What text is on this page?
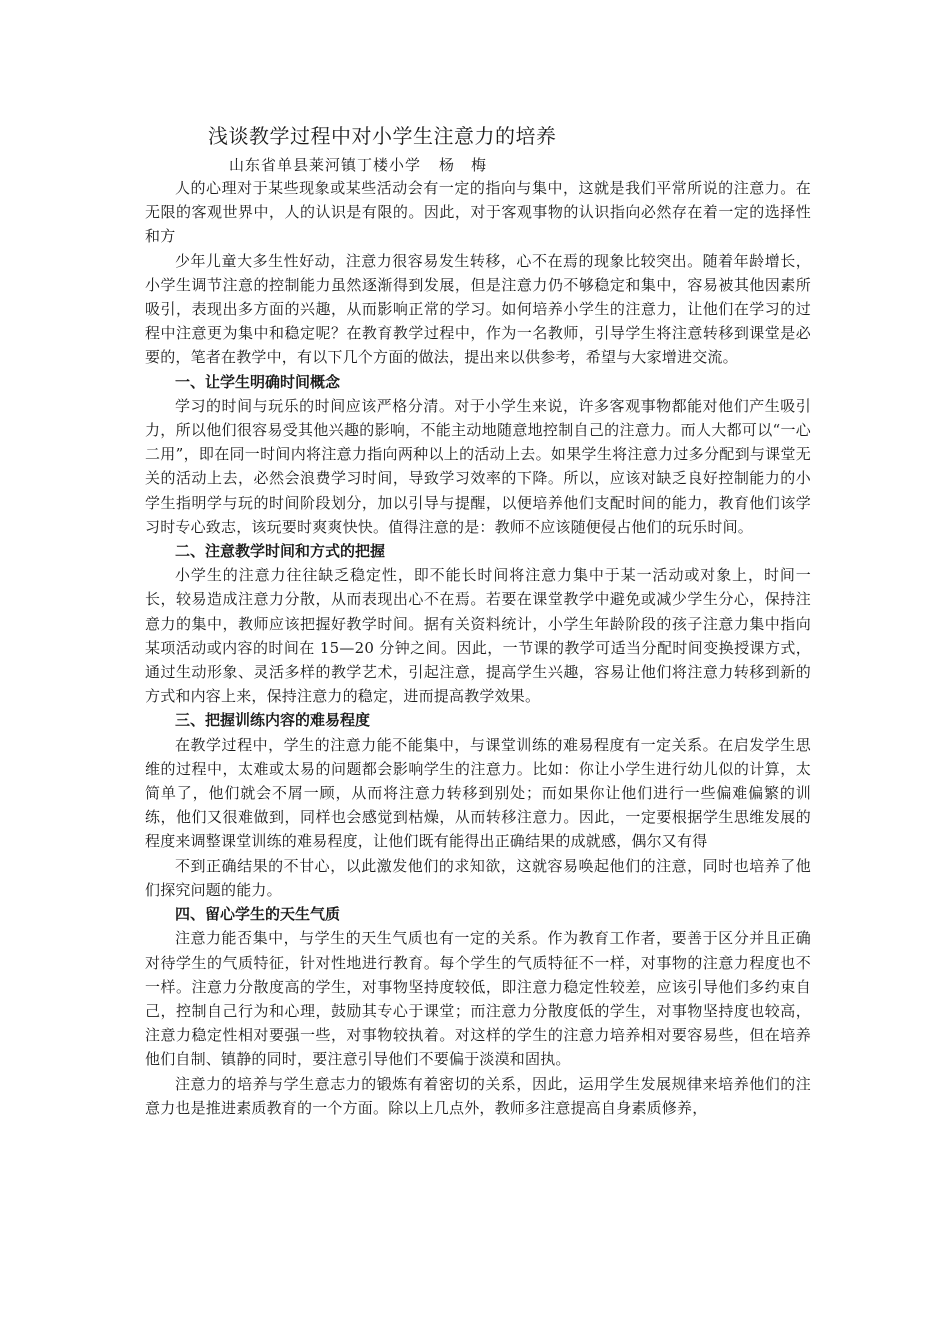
浅谈教学过程中对小学生注意力的培养

山东省单县莱河镇丁楼小学 杨　梅

人的心理对于某些现象或某些活动会有一定的指向与集中，这就是我们平常所说的注意力。在无限的客观世界中，人的认识是有限的。因此，对于客观事物的认识指向必然存在着一定的选择性和方

少年儿童大多生性好动，注意力很容易发生转移，心不在焉的现象比较突出。随着年龄增长，小学生调节注意的控制能力虽然逐渐得到发展，但是注意力仍不够稳定和集中，容易被其他因素所吸引，表现出多方面的兴趣，从而影响正常的学习。如何培养小学生的注意力，让他们在学习的过程中注意更为集中和稳定呢？在教育教学过程中，作为一名教师，引导学生将注意转移到课堂是必要的，笔者在教学中，有以下几个方面的做法，提出来以供参考，希望与大家增进交流。

一、让学生明确时间概念

学习的时间与玩乐的时间应该严格分清。对于小学生来说，许多客观事物都能对他们产生吸引力，所以他们很容易受其他兴趣的影响，不能主动地随意地控制自己的注意力。而人大都可以“一心二用”，即在同一时间内将注意力指向两种以上的活动上去。如果学生将注意力过多分配到与课堂无关的活动上去，必然会浪费学习时间，导致学习效率的下降。所以，应该对缺乏良好控制能力的小学生指明学与玩的时间阶段划分，加以引导与提醒，以便培养他们支配时间的能力，教育他们该学习时专心致志，该玩要时爽爽快快。值得注意的是：教师不应该随便侵占他们的玩乐时间。

二、注意教学时间和方式的把握

小学生的注意力往往缺乏稳定性，即不能长时间将注意力集中于某一活动或对象上，时间一长，较易造成注意力分散，从而表现出心不在焉。若要在课堂教学中避免或减少学生分心，保持注意力的集中，教师应该把握好教学时间。据有关资料统计，小学生年龄阶段的孩子注意力集中指向某项活动或内容的时间在 15—20 分钟之间。因此，一节课的教学可适当分配时间变换授课方式，通过生动形象、灵活多样的教学艺术，引起注意，提高学生兴趣，容易让他们将注意力转移到新的方式和内容上来，保持注意力的稳定，进而提高教学效果。

三、把握训练内容的难易程度

在教学过程中，学生的注意力能不能集中，与课堂训练的难易程度有一定关系。在启发学生思维的过程中，太难或太易的问题都会影响学生的注意力。比如：你让小学生进行幼儿似的计算，太简单了，他们就会不屑一顾，从而将注意力转移到别处；而如果你让他们进行一些偏难偏繁的训练，他们又很难做到，同样也会感觉到枯燥，从而转移注意力。因此，一定要根据学生思维发展的程度来调整课堂训练的难易程度，让他们既有能得出正确结果的成就感，偶尔又有得

不到正确结果的不甘心，以此激发他们的求知欲，这就容易唤起他们的注意，同时也培养了他们探究问题的能力。

四、留心学生的天生气质

注意力能否集中，与学生的天生气质也有一定的关系。作为教育工作者，要善于区分并且正确对待学生的气质特征，针对性地进行教育。每个学生的气质特征不一样，对事物的注意力程度也不一样。注意力分散度高的学生，对事物坚持度较低，即注意力稳定性较差，应该引导他们多约束自己，控制自己行为和心理，鼓励其专心于课堂；而注意力分散度低的学生，对事物坚持度也较高，注意力稳定性相对要强一些，对事物较执着。对这样的学生的注意力培养相对要容易些，但在培养他们自制、镇静的同时，要注意引导他们不要偏于淡漠和固执。

注意力的培养与学生意志力的锻炼有着密切的关系，因此，运用学生发展规律来培养他们的注意力也是推进素质教育的一个方面。除以上几点外，教师多注意提高自身素质修养，
